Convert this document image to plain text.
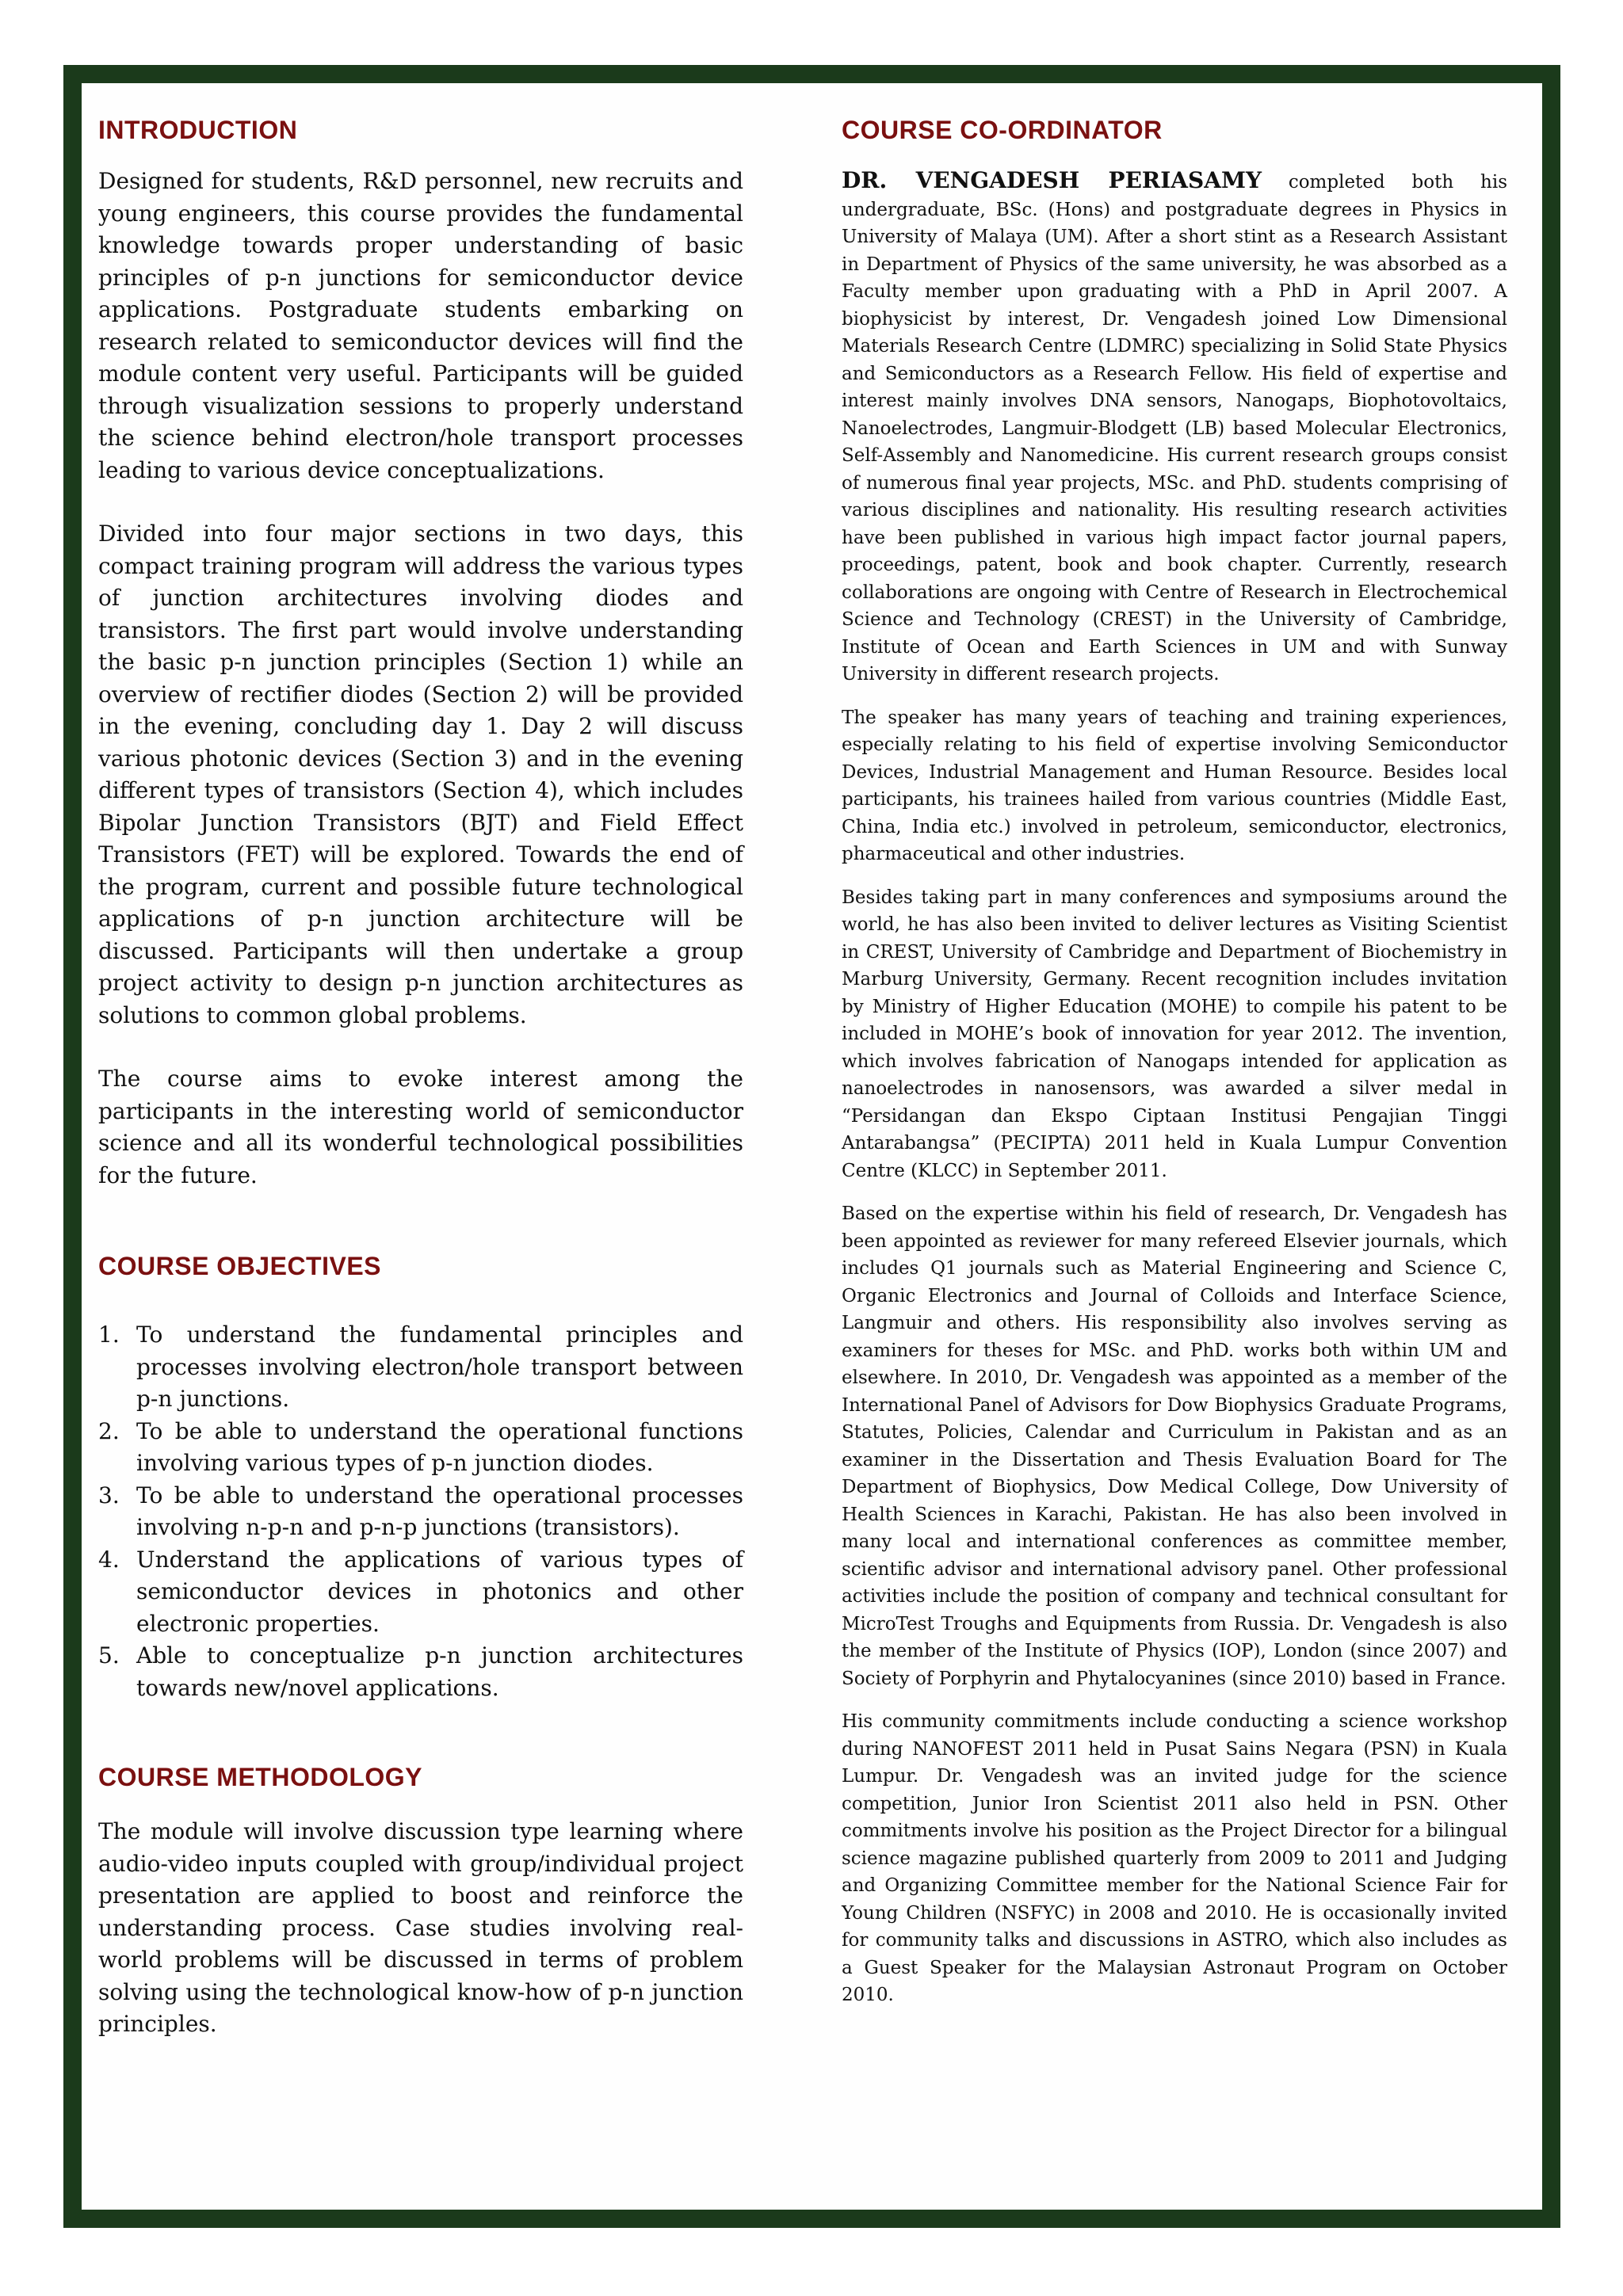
INTRODUCTION

Designed for students, R&D personnel, new recruits and young engineers, this course provides the fundamental knowledge towards proper understanding of basic principles of p-n junctions for semiconductor device applications. Postgraduate students embarking on research related to semiconductor devices will find the module content very useful. Participants will be guided through visualization sessions to properly understand the science behind electron/hole transport processes leading to various device conceptualizations.

Divided into four major sections in two days, this compact training program will address the various types of junction architectures involving diodes and transistors. The first part would involve understanding the basic p-n junction principles (Section 1) while an overview of rectifier diodes (Section 2) will be provided in the evening, concluding day 1. Day 2 will discuss various photonic devices (Section 3) and in the evening different types of transistors (Section 4), which includes Bipolar Junction Transistors (BJT) and Field Effect Transistors (FET) will be explored. Towards the end of the program, current and possible future technological applications of p-n junction architecture will be discussed. Participants will then undertake a group project activity to design p-n junction architectures as solutions to common global problems.

The course aims to evoke interest among the participants in the interesting world of semiconductor science and all its wonderful technological possibilities for the future.

COURSE OBJECTIVES
1. To understand the fundamental principles and processes involving electron/hole transport between p-n junctions.
2. To be able to understand the operational functions involving various types of p-n junction diodes.
3. To be able to understand the operational processes involving n-p-n and p-n-p junctions (transistors).
4. Understand the applications of various types of semiconductor devices in photonics and other electronic properties.
5. Able to conceptualize p-n junction architectures towards new/novel applications.
COURSE METHODOLOGY

The module will involve discussion type learning where audio-video inputs coupled with group/individual project presentation are applied to boost and reinforce the understanding process. Case studies involving real-world problems will be discussed in terms of problem solving using the technological know-how of p-n junction principles.

COURSE CO-ORDINATOR

DR. VENGADESH PERIASAMY completed both his undergraduate, BSc. (Hons) and postgraduate degrees in Physics in University of Malaya (UM). After a short stint as a Research Assistant in Department of Physics of the same university, he was absorbed as a Faculty member upon graduating with a PhD in April 2007. A biophysicist by interest, Dr. Vengadesh joined Low Dimensional Materials Research Centre (LDMRC) specializing in Solid State Physics and Semiconductors as a Research Fellow. His field of expertise and interest mainly involves DNA sensors, Nanogaps, Biophotovoltaics, Nanoelectrodes, Langmuir-Blodgett (LB) based Molecular Electronics, Self-Assembly and Nanomedicine. His current research groups consist of numerous final year projects, MSc. and PhD. students comprising of various disciplines and nationality. His resulting research activities have been published in various high impact factor journal papers, proceedings, patent, book and book chapter. Currently, research collaborations are ongoing with Centre of Research in Electrochemical Science and Technology (CREST) in the University of Cambridge, Institute of Ocean and Earth Sciences in UM and with Sunway University in different research projects.

The speaker has many years of teaching and training experiences, especially relating to his field of expertise involving Semiconductor Devices, Industrial Management and Human Resource. Besides local participants, his trainees hailed from various countries (Middle East, China, India etc.) involved in petroleum, semiconductor, electronics, pharmaceutical and other industries.

Besides taking part in many conferences and symposiums around the world, he has also been invited to deliver lectures as Visiting Scientist in CREST, University of Cambridge and Department of Biochemistry in Marburg University, Germany. Recent recognition includes invitation by Ministry of Higher Education (MOHE) to compile his patent to be included in MOHE’s book of innovation for year 2012. The invention, which involves fabrication of Nanogaps intended for application as nanoelectrodes in nanosensors, was awarded a silver medal in “Persidangan dan Ekspo Ciptaan Institusi Pengajian Tinggi Antarabangsa” (PECIPTA) 2011 held in Kuala Lumpur Convention Centre (KLCC) in September 2011.

Based on the expertise within his field of research, Dr. Vengadesh has been appointed as reviewer for many refereed Elsevier journals, which includes Q1 journals such as Material Engineering and Science C, Organic Electronics and Journal of Colloids and Interface Science, Langmuir and others. His responsibility also involves serving as examiners for theses for MSc. and PhD. works both within UM and elsewhere. In 2010, Dr. Vengadesh was appointed as a member of the International Panel of Advisors for Dow Biophysics Graduate Programs, Statutes, Policies, Calendar and Curriculum in Pakistan and as an examiner in the Dissertation and Thesis Evaluation Board for The Department of Biophysics, Dow Medical College, Dow University of Health Sciences in Karachi, Pakistan. He has also been involved in many local and international conferences as committee member, scientific advisor and international advisory panel. Other professional activities include the position of company and technical consultant for MicroTest Troughs and Equipments from Russia. Dr. Vengadesh is also the member of the Institute of Physics (IOP), London (since 2007) and Society of Porphyrin and Phytalocyanines (since 2010) based in France.

His community commitments include conducting a science workshop during NANOFEST 2011 held in Pusat Sains Negara (PSN) in Kuala Lumpur. Dr. Vengadesh was an invited judge for the science competition, Junior Iron Scientist 2011 also held in PSN. Other commitments involve his position as the Project Director for a bilingual science magazine published quarterly from 2009 to 2011 and Judging and Organizing Committee member for the National Science Fair for Young Children (NSFYC) in 2008 and 2010. He is occasionally invited for community talks and discussions in ASTRO, which also includes as a Guest Speaker for the Malaysian Astronaut Program on October 2010.
